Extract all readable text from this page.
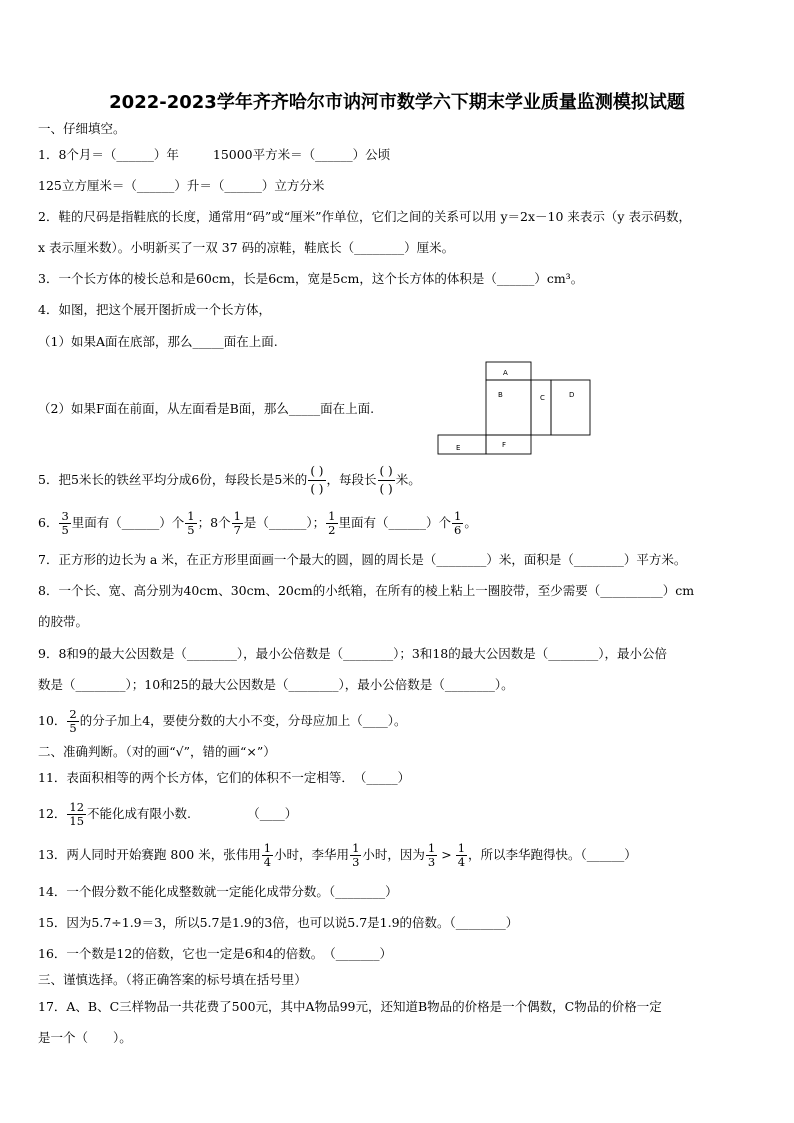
2022-2023学年齐齐哈尔市讷河市数学六下期末学业质量监测模拟试题
一、仔细填空。
1．8个月＝（______）年	15000平方米＝（______）公顷
125立方厘米＝（______）升＝（______）立方分米
2．鞋的尺码是指鞋底的长度，通常用“码”或“厘米”作单位，它们之间的关系可以用 y＝2x－10 来表示（y 表示码数，
x 表示厘米数）。小明新买了一双 37 码的凉鞋，鞋底长（________）厘米。
3．一个长方体的棱长总和是60cm，长是6cm，宽是5cm，这个长方体的体积是（______）cm³。
4．如图，把这个展开图折成一个长方体，
（1）如果A面在底部，那么_____面在上面.
（2）如果F面在前面，从左面看是B面，那么_____面在上面.
A
B	C	D
E	F
5．把5米长的铁丝平均分成6份，每段长是5米的 $\frac{( )}{( )}$ ，每段长 $\frac{( )}{( )}$ 米。
6． $\frac{3}{5}$ 里面有（______）个 $\frac{1}{5}$ ；8个 $\frac{1}{7}$ 是（______）； $\frac{1}{2}$ 里面有（______）个 $\frac{1}{6}$ 。
7．正方形的边长为 a 米，在正方形里面画一个最大的圆，圆的周长是（________）米，面积是（________）平方米。
8．一个长、宽、高分别为40cm、30cm、20cm的小纸箱，在所有的棱上粘上一圈胶带，至少需要（__________）cm
的胶带。
9．8和9的最大公因数是（________），最小公倍数是（________）；3和18的最大公因数是（________），最小公倍
数是（________）；10和25的最大公因数是（________），最小公倍数是（________）。
10． $\frac{2}{5}$ 的分子加上4，要使分数的大小不变，分母应加上（____）。
二、准确判断。（对的画“√”，错的画“×”）
11．表面积相等的两个长方体，它们的体积不一定相等．　（_____）
12． $\frac{12}{15}$ 不能化成有限小数.　　　　　（____）
13．两人同时开始赛跑 800 米，张伟用 $\frac{1}{4}$ 小时，李华用 $\frac{1}{3}$ 小时，因为 $\frac{1}{3} > \frac{1}{4}$ ，所以李华跑得快。（______）
14．一个假分数不能化成整数就一定能化成带分数。（________）
15．因为5.7÷1.9＝3，所以5.7是1.9的3倍，也可以说5.7是1.9的倍数。（________）
16．一个数是12的倍数，它也一定是6和4的倍数。　（_______）
三、谨慎选择。（将正确答案的标号填在括号里）
17．A、B、C三样物品一共花费了500元，其中A物品99元，还知道B物品的价格是一个偶数，C物品的价格一定
是一个（　　）。
